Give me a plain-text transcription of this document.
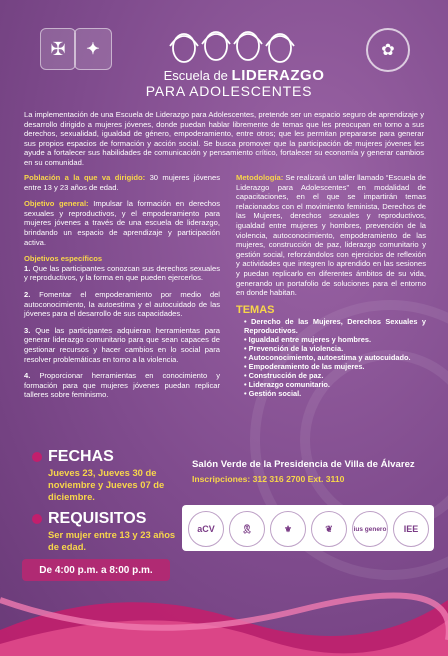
✠	✦
Escuela de LIDERAZGO
PARA ADOLESCENTES
✿
La implementación de una Escuela de Liderazgo para Adolescentes, pretende ser un espacio seguro de aprendizaje y desarrollo dirigido a mujeres jóvenes, donde puedan hablar libremente de temas que les preocupan en torno a sus derechos, sexualidad, igualdad de género, empoderamiento, entre otros; que les permitan prepararse para generar sus propios espacios de formación y acción social. Se busca promover que la participación de mujeres jóvenes les ayude a fortalecer sus habilidades de comunicación y pensamiento crítico, fortalecer su economía y generar cambios en su comunidad.

Población a la que va dirigido: 30 mujeres jóvenes entre 13 y 23 años de edad.

Objetivo general: Impulsar la formación en derechos sexuales y reproductivos, y el empoderamiento para mujeres jóvenes a través de una escuela de liderazgo, brindando un espacio de aprendizaje y participación activa.

Objetivos específicos

1. Que las participantes conozcan sus derechos sexuales y reproductivos, y la forma en que pueden ejercerlos.

2. Fomentar el empoderamiento por medio del autoconocimiento, la autoestima y el autocuidado de las jóvenes para el desarrollo de sus capacidades.

3. Que las participantes adquieran herramientas para generar liderazgo comunitario para que sean capaces de gestionar recursos y hacer cambios en lo social para resolver problemáticas en torno a la violencia.

4. Proporcionar herramientas en conocimiento y formación para que mujeres jóvenes puedan replicar talleres sobre feminismo.

Metodología: Se realizará un taller llamado “Escuela de Liderazgo para Adolescentes” en modalidad de capacitaciones, en el que se impartirán temas relacionados con el movimiento feminista, Derechos de las Mujeres, derechos sexuales y reproductivos, igualdad entre mujeres y hombres, prevención de la violencia, autoconocimiento, empoderamiento de las mujeres, construcción de paz, liderazgo comunitario y gestión social, reforzándolos con ejercicios de reflexión y actividades que integren lo aprendido en las sesiones y puedan replicarlo en diferentes ámbitos de su vida, generando un portafolio de soluciones para el entorno en donde habitan.

TEMAS
• Derecho de las Mujeres, Derechos Sexuales y Reproductivos.
• Igualdad entre mujeres y hombres.
• Prevención de la violencia.
• Autoconocimiento, autoestima y autocuidado.
• Empoderamiento de las mujeres.
• Construcción de paz.
• Liderazgo comunitario.
• Gestión social.
FECHAS
Jueves 23, Jueves 30 de noviembre y Jueves 07 de diciembre.
REQUISITOS
Ser mujer entre 13 y 23 años de edad.
De 4:00 p.m. a 8:00 p.m.
Salón Verde de la Presidencia de Villa de Álvarez
Inscripciones: 312 316 2700 Ext. 3110
aCV	🎗	⚜	❦	ius genero	IEE
